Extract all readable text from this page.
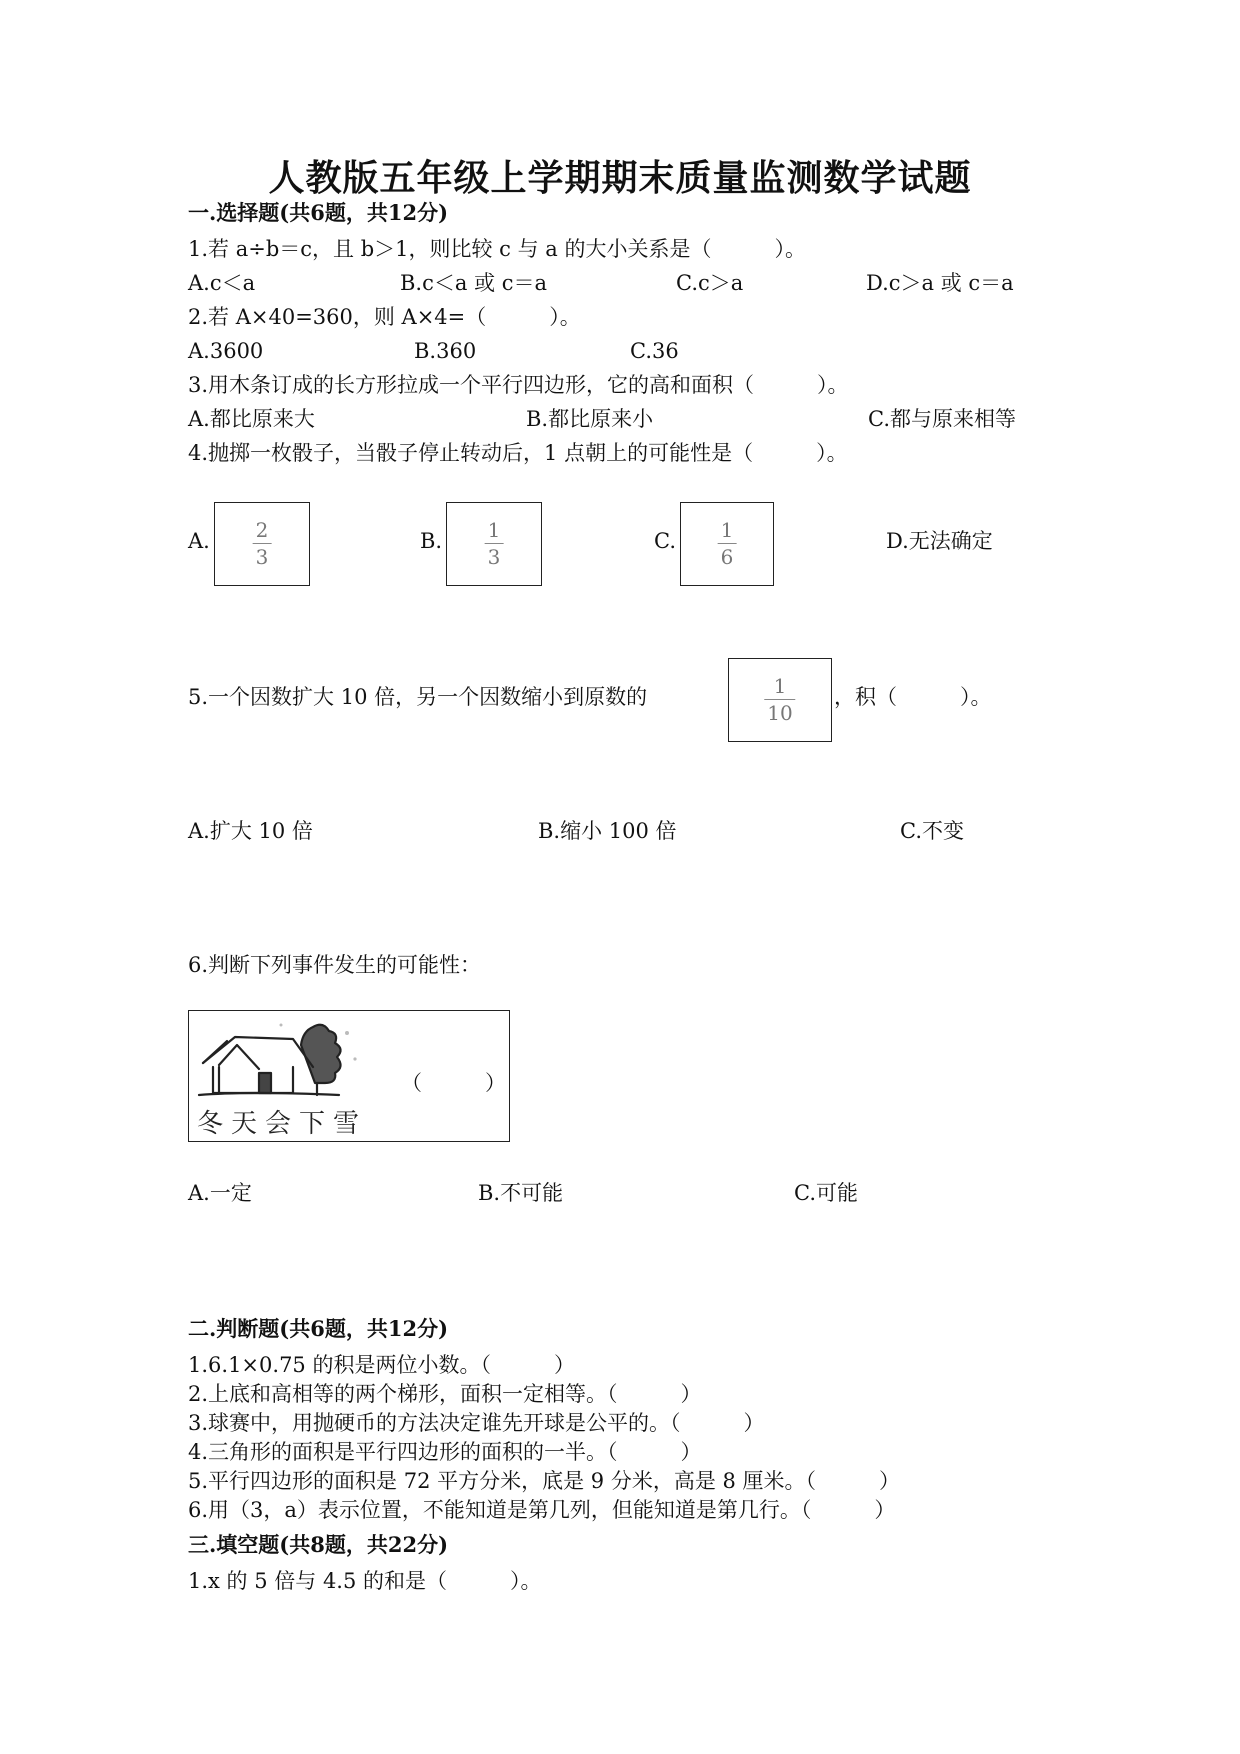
人教版五年级上学期期末质量监测数学试题
一.选择题(共6题，共12分)
1.若 a÷b＝c，且 b＞1，则比较 c 与 a 的大小关系是（　　　）。
A.c＜a	B.c＜a 或 c＝a	C.c＞a	D.c＞a 或 c＝a
2.若 A×40=360，则 A×4=（　　　）。
A.3600	B.360	C.36
3.用木条订成的长方形拉成一个平行四边形，它的高和面积（　　　）。
A.都比原来大	B.都比原来小	C.都与原来相等
4.抛掷一枚骰子，当骰子停止转动后，1 点朝上的可能性是（　　　）。
A. 2
3
B. 1
3
C. 1
6
D.无法确定
5.一个因数扩大 10 倍，另一个因数缩小到原数的	1
10
，积（　　　）。
A.扩大 10 倍	B.缩小 100 倍	C.不变
6.判断下列事件发生的可能性：
（　　　）
冬天会下雪
A.一定	B.不可能	C.可能
二.判断题(共6题，共12分)
1.6.1×0.75 的积是两位小数。（　　　）
2.上底和高相等的两个梯形，面积一定相等。（　　　）
3.球赛中，用抛硬币的方法决定谁先开球是公平的。（　　　）
4.三角形的面积是平行四边形的面积的一半。（　　　）
5.平行四边形的面积是 72 平方分米，底是 9 分米，高是 8 厘米。（　　　）
6.用（3，a）表示位置，不能知道是第几列，但能知道是第几行。（　　　）
三.填空题(共8题，共22分)
1.x 的 5 倍与 4.5 的和是（　　　）。
